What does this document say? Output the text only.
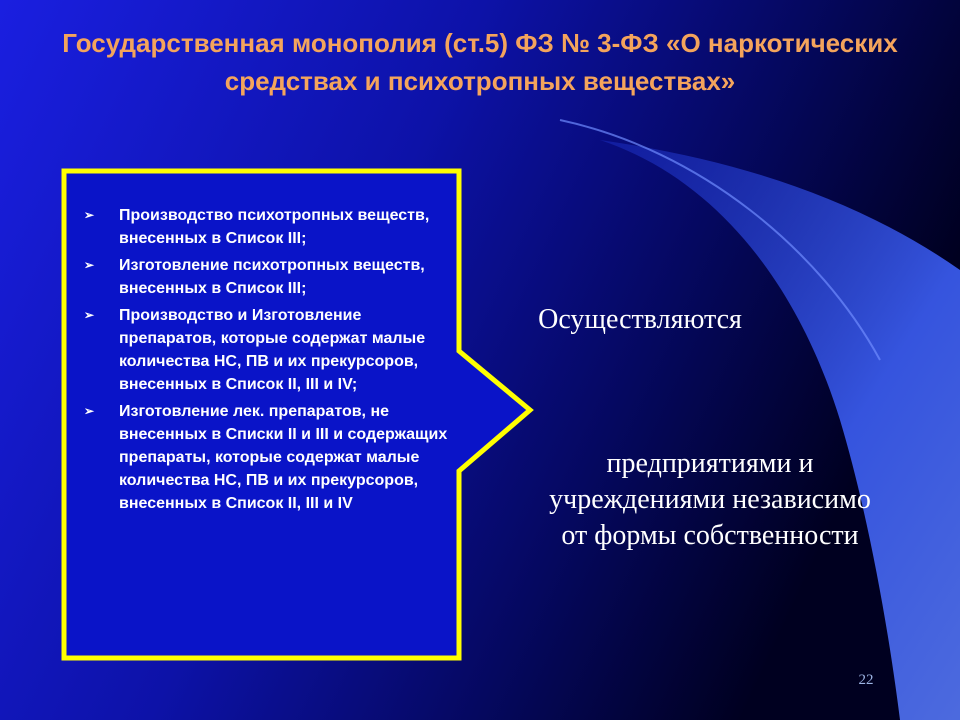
Государственная монополия (ст.5) ФЗ № 3-ФЗ «О наркотических средствах и психотропных веществах»
➢ Производство психотропных веществ, внесенных в Список III;
➢ Изготовление психотропных веществ, внесенных в Список III;
➢ Производство и Изготовление препаратов, которые содержат малые количества НС, ПВ и их прекурсоров, внесенных в Список II, III и IV;
➢ Изготовление лек. препаратов, не внесенных в Списки II и III и содержащих препараты, которые содержат малые количества НС, ПВ и их прекурсоров, внесенных в Список II, III и IV
Осуществляются
предприятиями и учреждениями независимо от формы собственности
22
